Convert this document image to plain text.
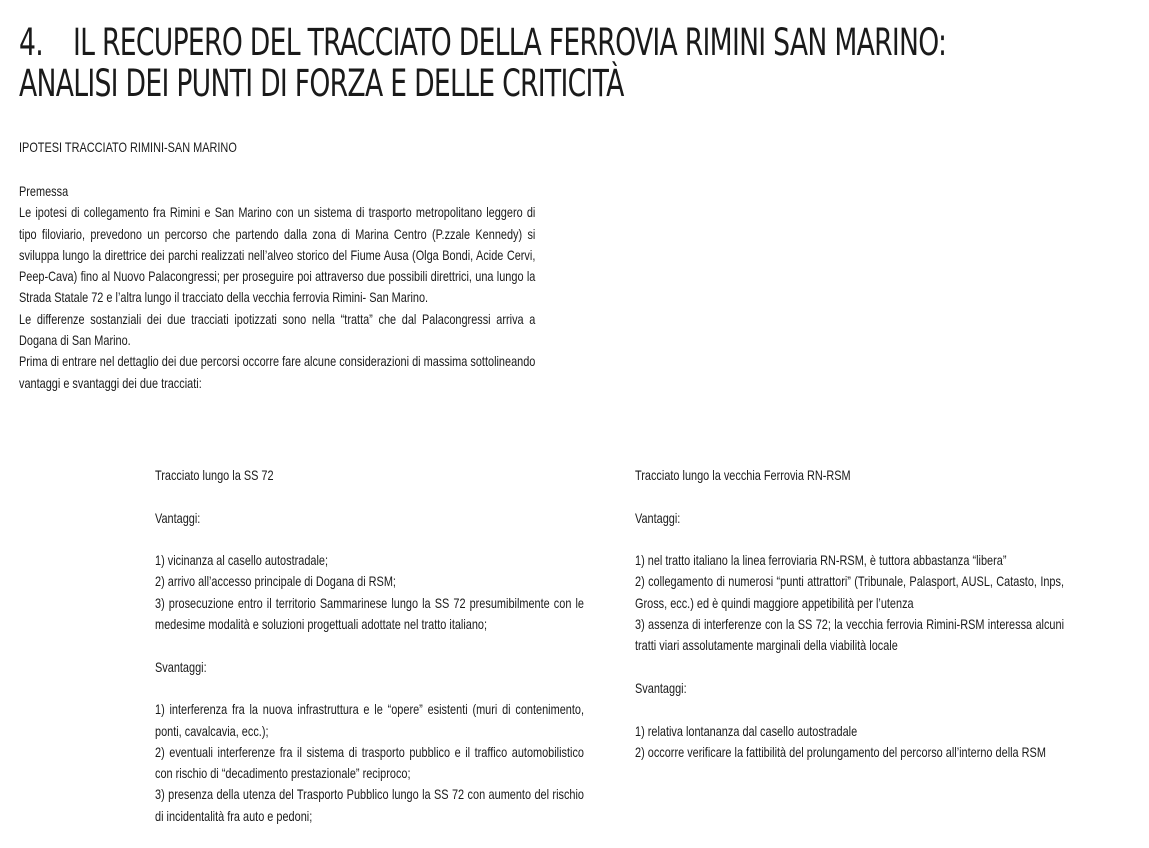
4. IL RECUPERO DEL TRACCIATO DELLA FERROVIA RIMINI SAN MARINO:
ANALISI DEI PUNTI DI FORZA E DELLE CRITICITÀ
IPOTESI TRACCIATO RIMINI-SAN MARINO

Premessa

Le ipotesi di collegamento fra Rimini e San Marino con un sistema di trasporto metropolitano leggero di tipo filoviario, prevedono un percorso che partendo dalla zona di Marina Centro (P.zzale Kennedy) si sviluppa lungo la direttrice dei parchi realizzati nell’alveo storico del Fiume Ausa (Olga Bondi, Acide Cervi, Peep-Cava) fino al Nuovo Palacongressi; per proseguire poi attraverso due possibili direttrici, una lungo la Strada Statale 72 e l’altra lungo il tracciato della vecchia ferrovia Rimini- San Marino.

Le differenze sostanziali dei due tracciati ipotizzati sono nella “tratta” che dal Palacongressi arriva a Dogana di San Marino.

Prima di entrare nel dettaglio dei due percorsi occorre fare alcune considerazioni di massima sottolineando vantaggi e svantaggi dei due tracciati:

Tracciato lungo la SS 72

Vantaggi:

1) vicinanza al casello autostradale;
2) arrivo all’accesso principale di Dogana di RSM;
3) prosecuzione entro il territorio Sammarinese lungo la SS 72 presumibilmente con le medesime modalità e soluzioni progettuali adottate nel tratto italiano;

Svantaggi:

1) interferenza fra la nuova infrastruttura e le “opere” esistenti (muri di contenimento, ponti, cavalcavia, ecc.);
2) eventuali interferenze fra il sistema di trasporto pubblico e il traffico automobilistico con rischio di “decadimento prestazionale” reciproco;
3) presenza della utenza del Trasporto Pubblico lungo la SS 72 con aumento del rischio di incidentalità fra auto e pedoni;

Tracciato lungo la vecchia Ferrovia RN-RSM

Vantaggi:

1) nel tratto italiano la linea ferroviaria RN-RSM, è tuttora abbastanza “libera”
2) collegamento di numerosi “punti attrattori” (Tribunale, Palasport, AUSL, Catasto, Inps, Gross, ecc.) ed è quindi maggiore appetibilità per l’utenza
3) assenza di interferenze con la SS 72; la vecchia ferrovia Rimini-RSM interessa alcuni tratti viari assolutamente marginali della viabilità locale

Svantaggi:

1) relativa lontananza dal casello autostradale
2) occorre verificare la fattibilità del prolungamento del percorso all’interno della RSM
